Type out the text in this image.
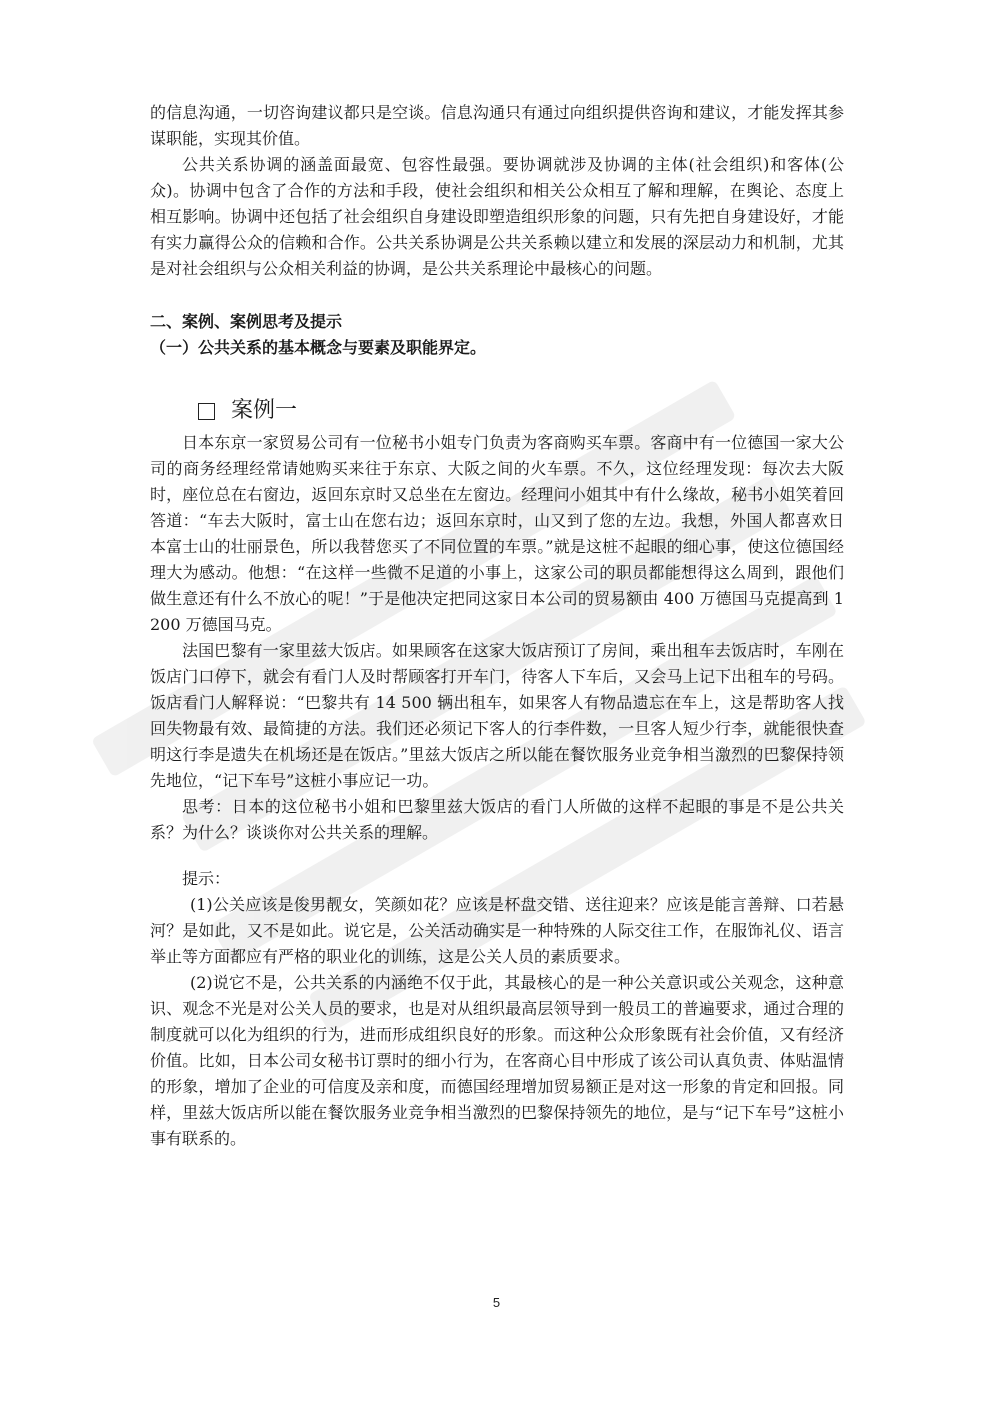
的信息沟通，一切咨询建议都只是空谈。信息沟通只有通过向组织提供咨询和建议，才能发挥其参谋职能，实现其价值。

公共关系协调的涵盖面最宽、包容性最强。要协调就涉及协调的主体(社会组织)和客体(公众)。协调中包含了合作的方法和手段，使社会组织和相关公众相互了解和理解，在舆论、态度上相互影响。协调中还包括了社会组织自身建设即塑造组织形象的问题，只有先把自身建设好，才能有实力赢得公众的信赖和合作。公共关系协调是公共关系赖以建立和发展的深层动力和机制，尤其是对社会组织与公众相关利益的协调，是公共关系理论中最核心的问题。

二、案例、案例思考及提示

（一）公共关系的基本概念与要素及职能界定。

案例一

日本东京一家贸易公司有一位秘书小姐专门负责为客商购买车票。客商中有一位德国一家大公司的商务经理经常请她购买来往于东京、大阪之间的火车票。不久，这位经理发现：每次去大阪时，座位总在右窗边，返回东京时又总坐在左窗边。经理问小姐其中有什么缘故，秘书小姐笑着回答道：“车去大阪时，富士山在您右边；返回东京时，山又到了您的左边。我想，外国人都喜欢日本富士山的壮丽景色，所以我替您买了不同位置的车票。”就是这桩不起眼的细心事，使这位德国经理大为感动。他想：“在这样一些微不足道的小事上，这家公司的职员都能想得这么周到，跟他们做生意还有什么不放心的呢！”于是他决定把同这家日本公司的贸易额由 400 万德国马克提高到 1 200 万德国马克。

法国巴黎有一家里兹大饭店。如果顾客在这家大饭店预订了房间，乘出租车去饭店时，车刚在饭店门口停下，就会有看门人及时帮顾客打开车门，待客人下车后，又会马上记下出租车的号码。饭店看门人解释说：“巴黎共有 14 500 辆出租车，如果客人有物品遗忘在车上，这是帮助客人找回失物最有效、最简捷的方法。我们还必须记下客人的行李件数，一旦客人短少行李，就能很快查明这行李是遗失在机场还是在饭店。”里兹大饭店之所以能在餐饮服务业竞争相当激烈的巴黎保持领先地位，“记下车号”这桩小事应记一功。

思考：日本的这位秘书小姐和巴黎里兹大饭店的看门人所做的这样不起眼的事是不是公共关系？为什么？谈谈你对公共关系的理解。

提示：

(1)公关应该是俊男靓女，笑颜如花？应该是杯盘交错、送往迎来？应该是能言善辩、口若悬河？是如此，又不是如此。说它是，公关活动确实是一种特殊的人际交往工作，在服饰礼仪、语言举止等方面都应有严格的职业化的训练，这是公关人员的素质要求。

(2)说它不是，公共关系的内涵绝不仅于此，其最核心的是一种公关意识或公关观念，这种意识、观念不光是对公关人员的要求，也是对从组织最高层领导到一般员工的普遍要求，通过合理的制度就可以化为组织的行为，进而形成组织良好的形象。而这种公众形象既有社会价值，又有经济价值。比如，日本公司女秘书订票时的细小行为，在客商心目中形成了该公司认真负责、体贴温情的形象，增加了企业的可信度及亲和度，而德国经理增加贸易额正是对这一形象的肯定和回报。同样，里兹大饭店所以能在餐饮服务业竞争相当激烈的巴黎保持领先的地位，是与“记下车号”这桩小事有联系的。

5
